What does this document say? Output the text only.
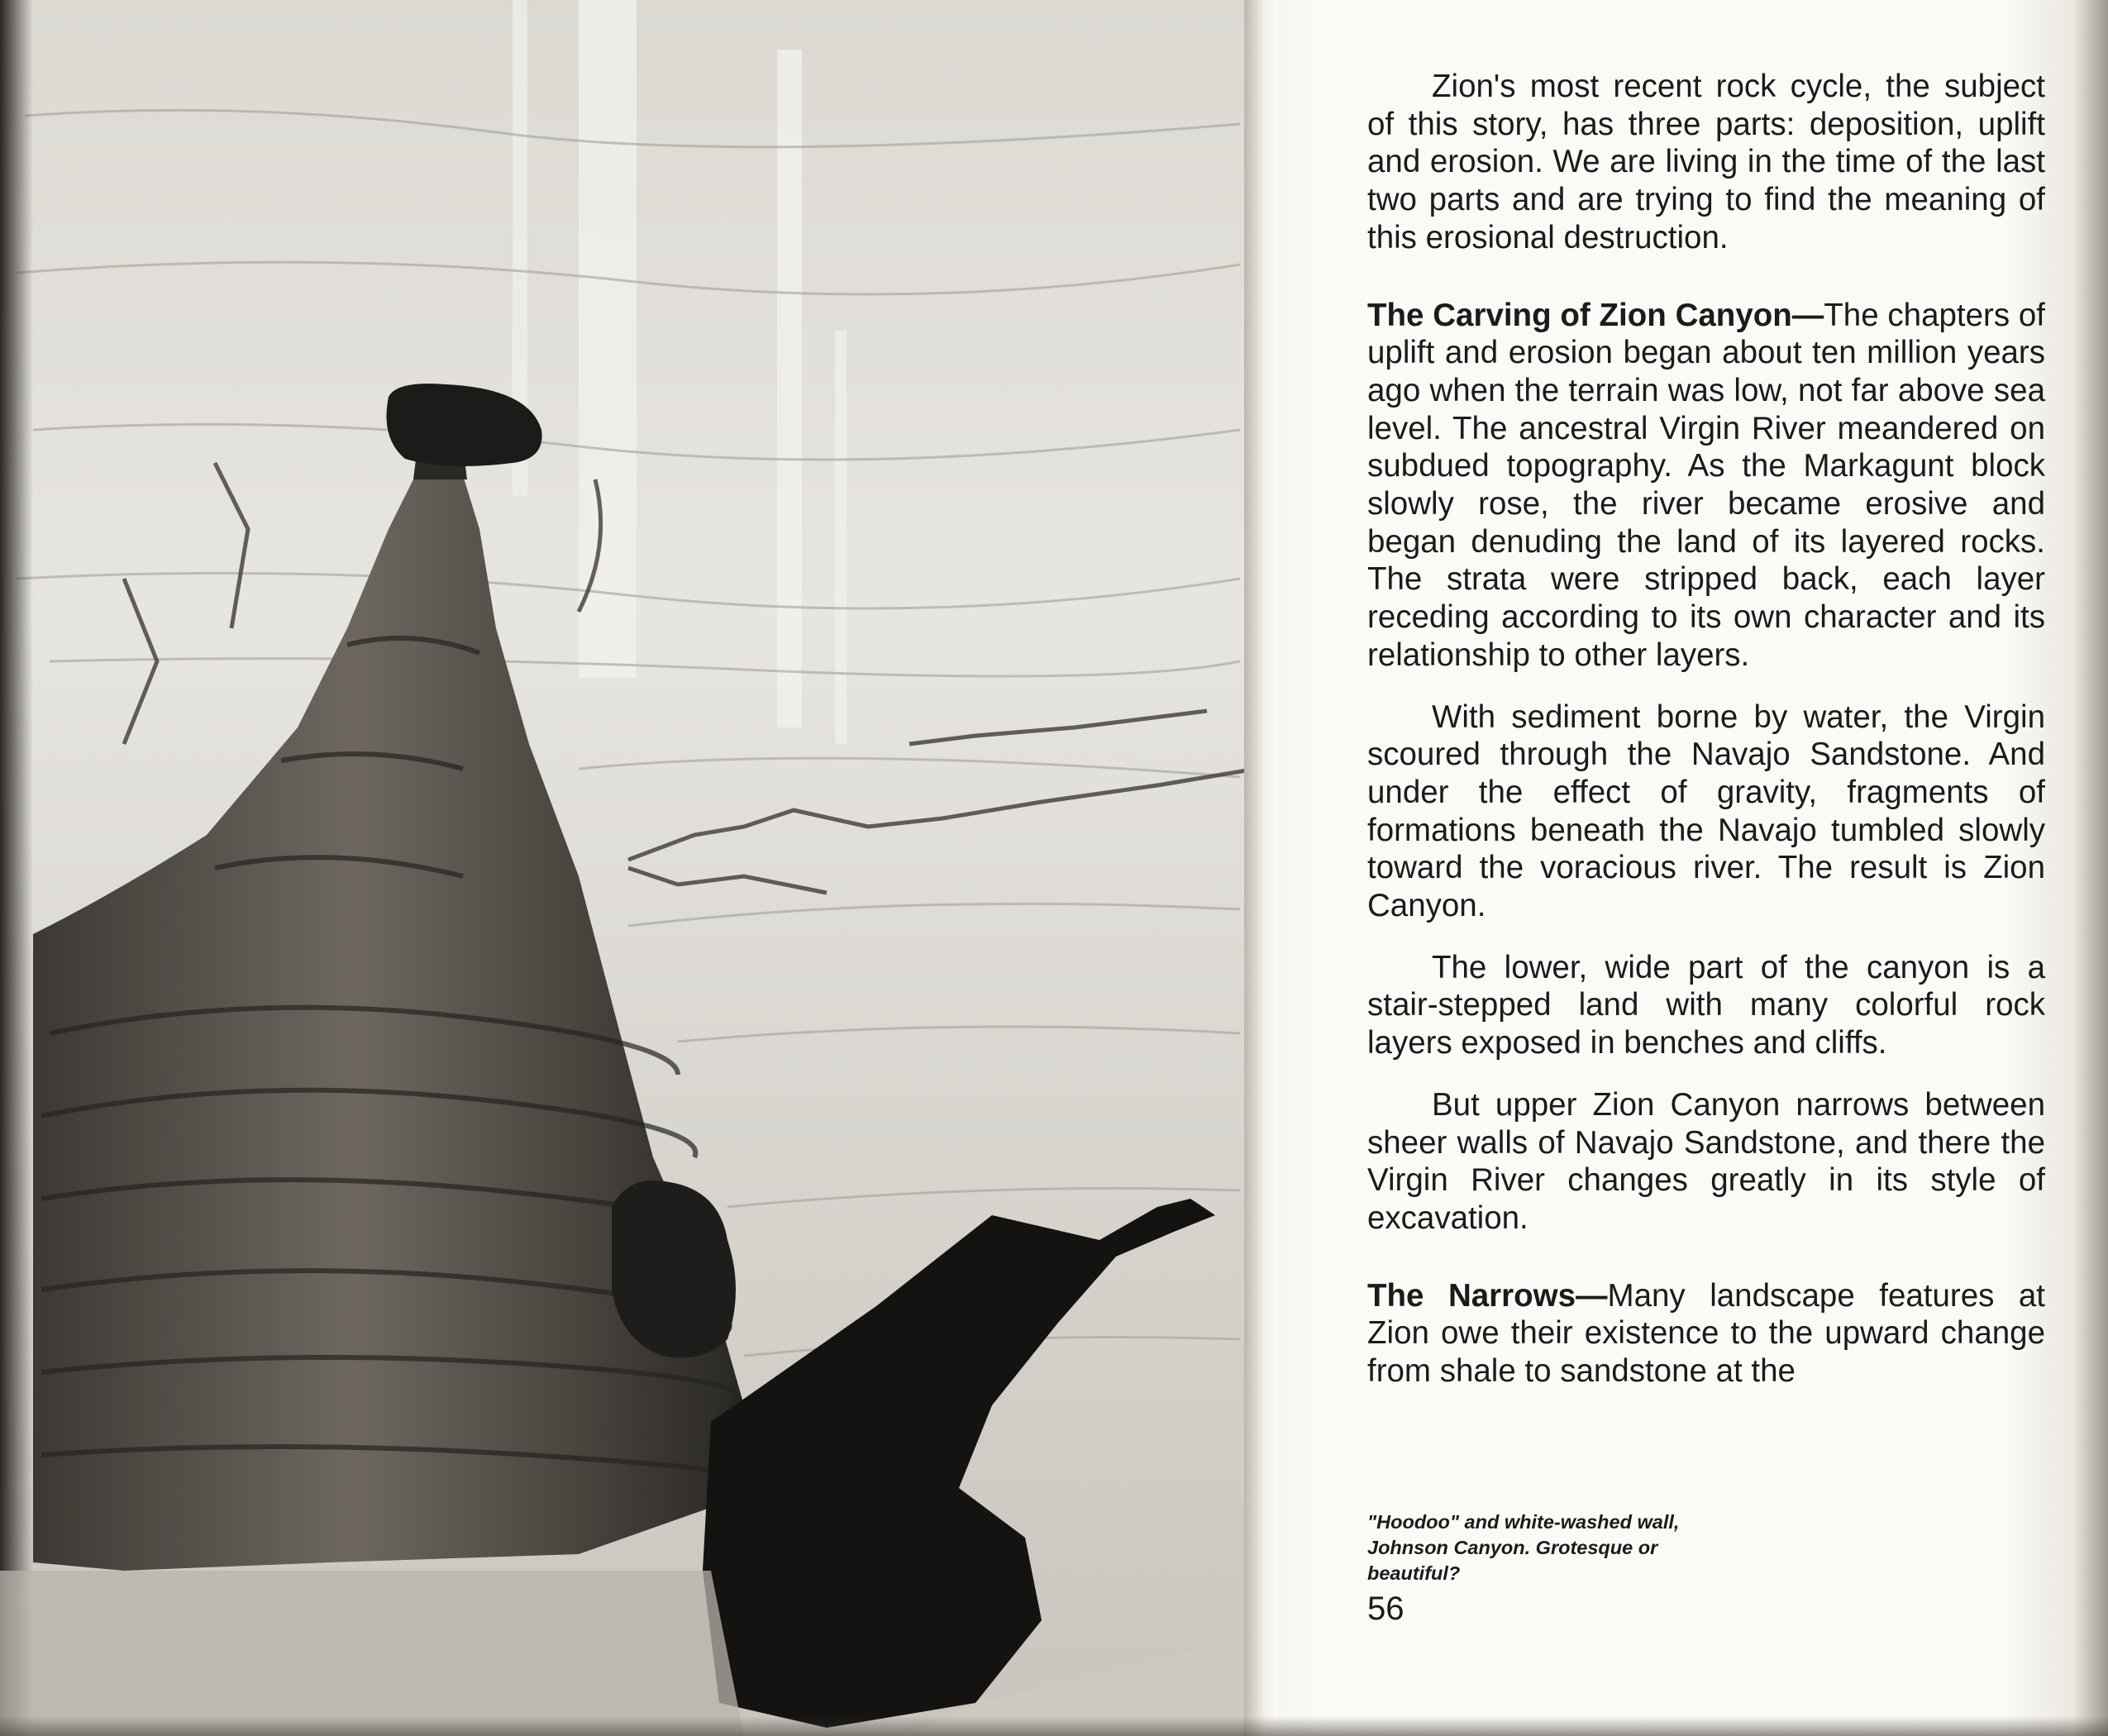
Zion's most recent rock cycle, the subject of this story, has three parts: deposition, uplift and erosion. We are living in the time of the last two parts and are trying to find the meaning of this erosional destruction.

The Carving of Zion Canyon—The chapters of uplift and erosion began about ten million years ago when the terrain was low, not far above sea level. The ancestral Virgin River meandered on subdued topography. As the Markagunt block slowly rose, the river became erosive and began denuding the land of its layered rocks. The strata were stripped back, each layer receding according to its own character and its relationship to other layers.

With sediment borne by water, the Virgin scoured through the Navajo Sandstone. And under the effect of gravity, fragments of formations beneath the Navajo tumbled slowly toward the voracious river. The result is Zion Canyon.

The lower, wide part of the canyon is a stair-stepped land with many colorful rock layers exposed in benches and cliffs.

But upper Zion Canyon narrows between sheer walls of Navajo Sandstone, and there the Virgin River changes greatly in its style of excavation.

The Narrows—Many landscape features at Zion owe their existence to the upward change from shale to sandstone at the

"Hoodoo" and white-washed wall, Johnson Canyon. Grotesque or beautiful?
56
